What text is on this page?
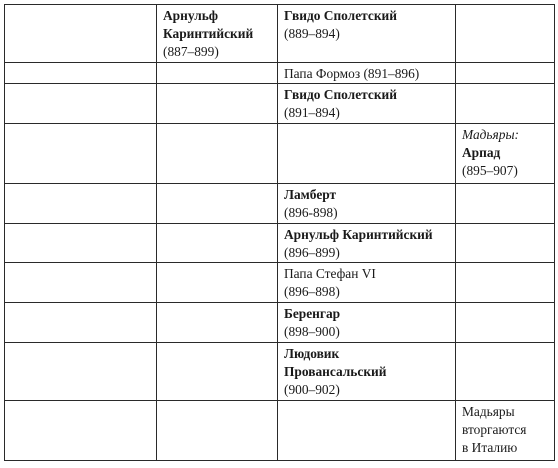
	Арнульф
Каринтийский
(887–899)	Гвидо Сполетский
(889–894)	

		Папа Формоз (891–896)	

		Гвидо Сполетский
(891–894)	

			Мадьяры:
Арпад
(895–907)

		Ламберт
(896-898)	

		Арнульф Каринтийский
(896–899)	

		Папа Стефан VI
(896–898)	

		Беренгар
(898–900)	

		Людовик
Провансальский
(900–902)	

			Мадьяры
вторгаются
в Италию
